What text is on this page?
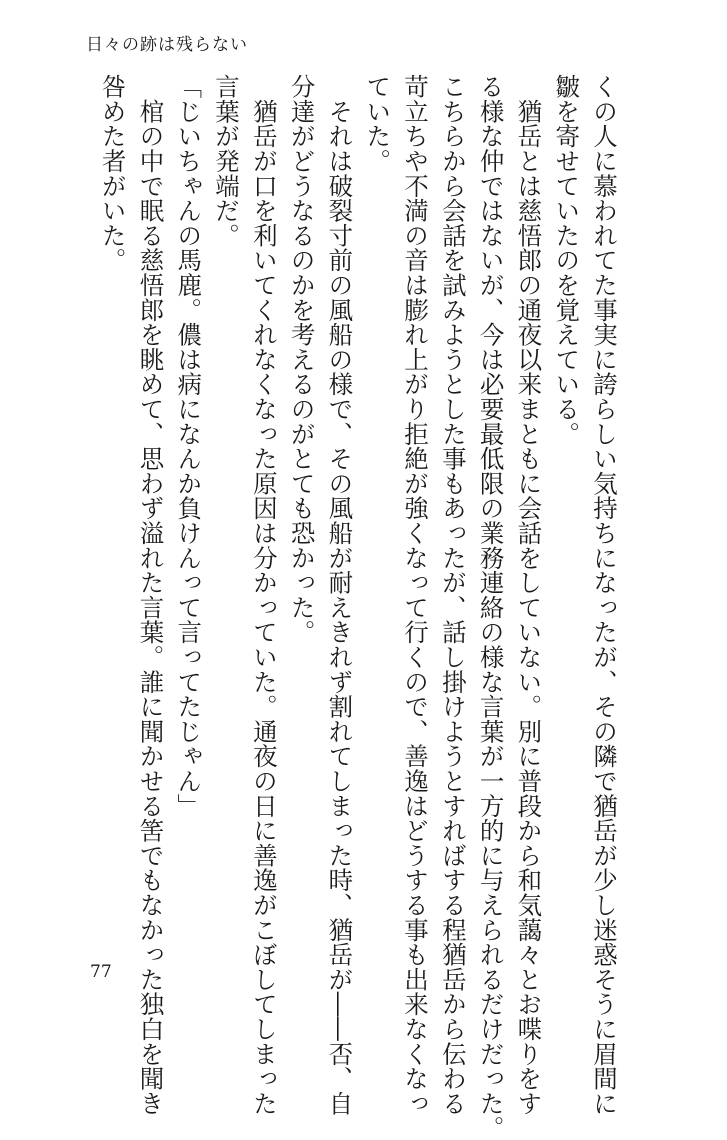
日々の跡は残らない

くの人に慕われてた事実に誇らしい気持ちになったが、その隣で猶岳が少し迷惑そうに眉間に

皺を寄せていたのを覚えている。

　猶岳とは慈悟郎の通夜以来まともに会話をしていない。別に普段から和気藹々とお喋りをす

る様な仲ではないが、今は必要最低限の業務連絡の様な言葉が一方的に与えられるだけだった。

こちらから会話を試みようとした事もあったが、話し掛けようとすればする程猶岳から伝わる

苛立ちや不満の音は膨れ上がり拒絶が強くなって行くので、善逸はどうする事も出来なくなっ

ていた。

　それは破裂寸前の風船の様で、その風船が耐えきれず割れてしまった時、猶岳が――否、自

分達がどうなるのかを考えるのがとても恐かった。

　猶岳が口を利いてくれなくなった原因は分かっていた。通夜の日に善逸がこぼしてしまった

言葉が発端だ。

「じいちゃんの馬鹿。儂は病になんか負けんって言ってたじゃん」

　棺の中で眠る慈悟郎を眺めて、思わず溢れた言葉。誰に聞かせる筈でもなかった独白を聞き

咎めた者がいた。

77
